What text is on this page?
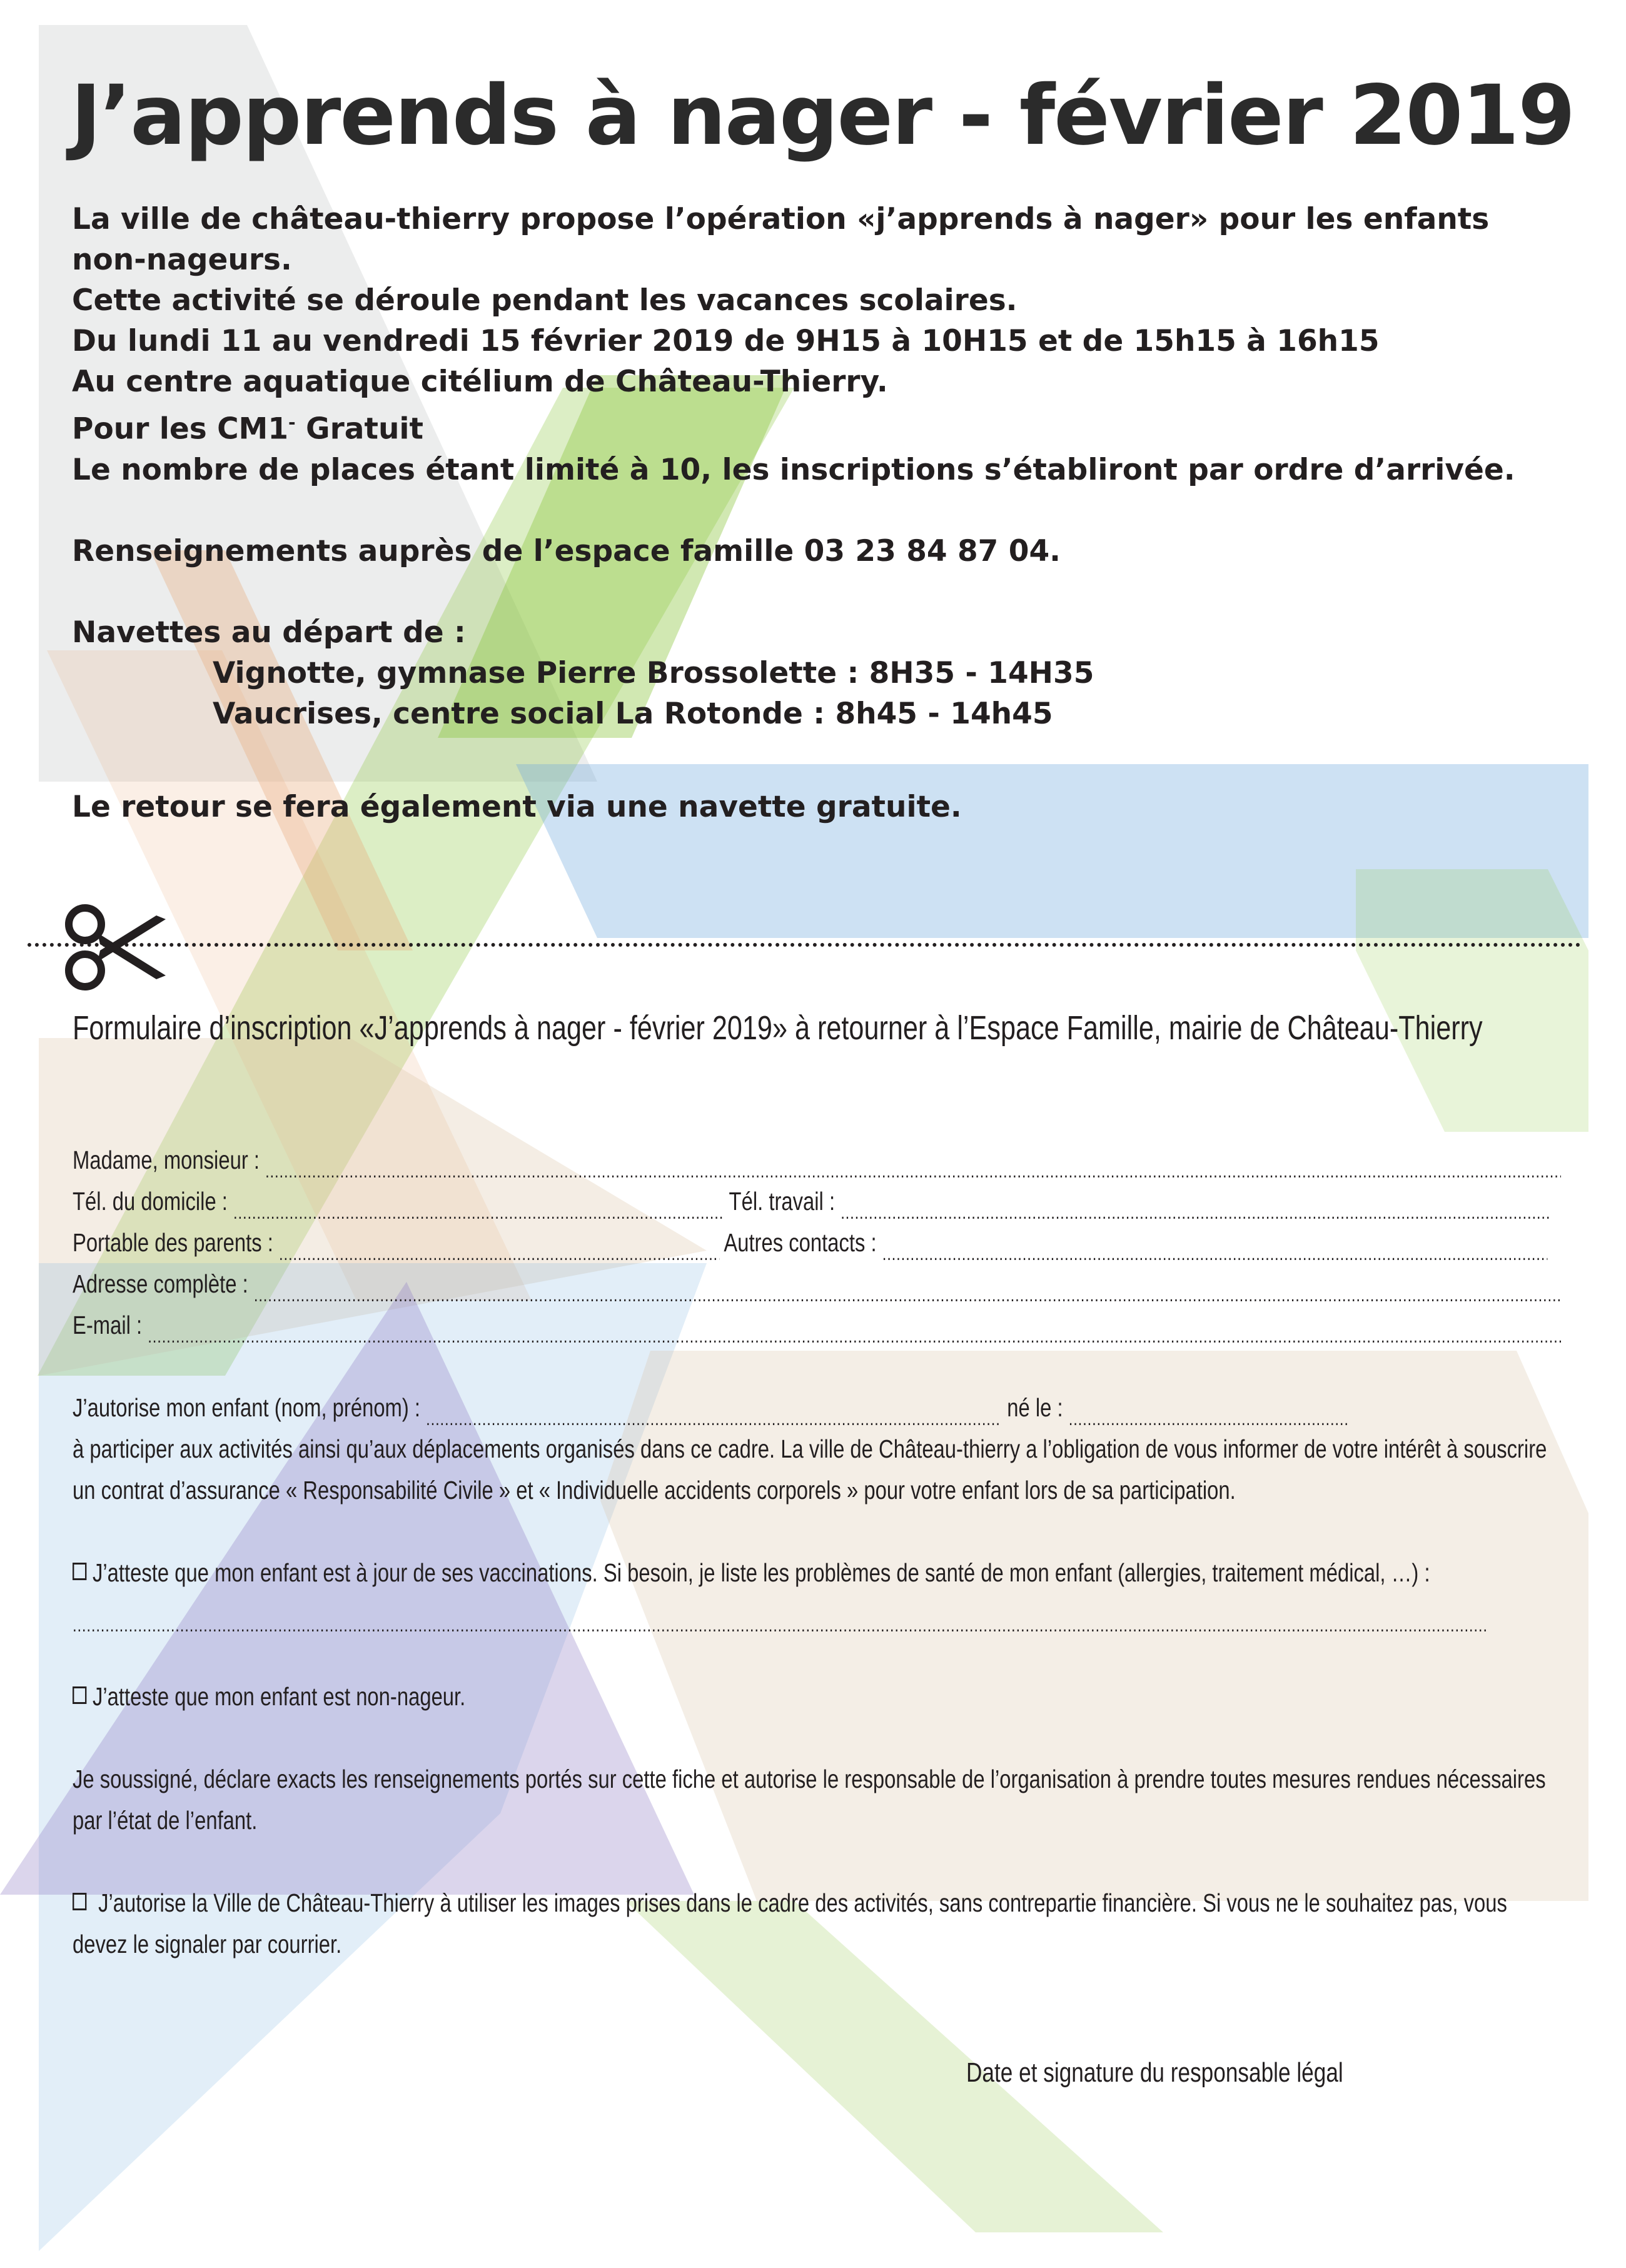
J’apprends à nager - février 2019
La ville de château-thierry propose l’opération «j’apprends à nager» pour les enfants
non-nageurs.
Cette activité se déroule pendant les vacances scolaires.
Du lundi 11 au vendredi 15 février 2019 de 9H15 à 10H15 et de 15h15 à 16h15
Au centre aquatique citélium de Château-Thierry.
Pour les CM1- Gratuit
Le nombre de places étant limité à 10, les inscriptions s’établiront par ordre d’arrivée.
Renseignements auprès de l’espace famille 03 23 84 87 04.
Navettes au départ de :
Vignotte, gymnase Pierre Brossolette : 8H35 - 14H35
Vaucrises, centre social La Rotonde : 8h45 - 14h45
Le retour se fera également via une navette gratuite.
Formulaire d’inscription «J’apprends à nager - février 2019» à retourner à l’Espace Famille, mairie de Château-Thierry
Madame, monsieur : .....
Tél. du domicile : .....	Tél. travail : .....
Portable des parents : .....	Autres contacts : .....
Adresse complète : .....
E-mail : .....
J’autorise mon enfant (nom, prénom) : .....	né le : .....
à participer aux activités ainsi qu’aux déplacements organisés dans ce cadre. La ville de Château-thierry a l’obligation de vous informer de votre intérêt à souscrire un contrat d’assurance « Responsabilité Civile » et « Individuelle accidents corporels » pour votre enfant lors de sa participation.
J’atteste que mon enfant est à jour de ses vaccinations. Si besoin, je liste les problèmes de santé de mon enfant (allergies, traitement médical, …) :
.....
J’atteste que mon enfant est non-nageur.
Je soussigné, déclare exacts les renseignements portés sur cette fiche et autorise le responsable de l’organisation à prendre toutes mesures rendues nécessaires par l’état de l’enfant.
J’autorise la Ville de Château-Thierry à utiliser les images prises dans le cadre des activités, sans contrepartie financière. Si vous ne le souhaitez pas, vous devez le signaler par courrier.
Date et signature du responsable légal
